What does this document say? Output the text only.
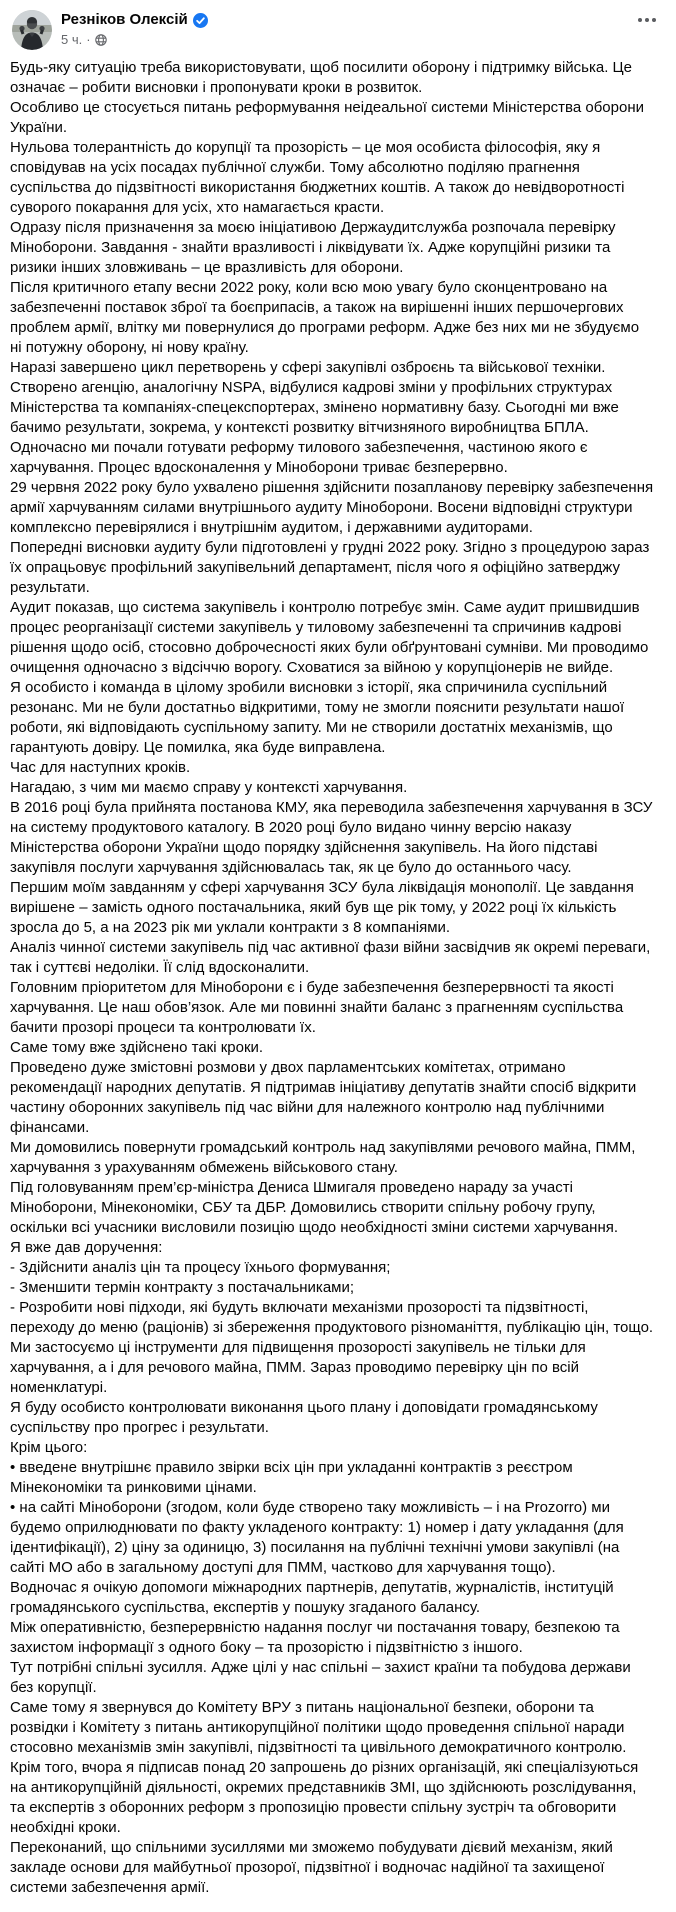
Резніков Олексій
5 ч. ·

Будь-яку ситуацію треба використовувати, щоб посилити оборону і підтримку війська. Це означає – робити висновки і пропонувати кроки в розвиток.

Особливо це стосується питань реформування неідеальної системи Міністерства оборони України.

Нульова толерантність до корупції та прозорість – це моя особиста філософія, яку я сповідував на усіх посадах публічної служби. Тому абсолютно поділяю прагнення суспільства до підзвітності використання бюджетних коштів. А також до невідворотності суворого покарання для усіх, хто намагається красти.

Одразу після призначення за моєю ініціативою Держаудитслужба розпочала перевірку Міноборони. Завдання - знайти вразливості і ліквідувати їх. Адже корупційні ризики та ризики інших зловживань – це вразливість для оборони.

Після критичного етапу весни 2022 року, коли всю мою увагу було сконцентровано на забезпеченні поставок зброї та боєприпасів, а також на вирішенні інших першочергових проблем армії, влітку ми повернулися до програми реформ. Адже без них ми не збудуємо ні потужну оборону, ні нову країну.

Наразі завершено цикл перетворень у сфері закупівлі озброєнь та військової техніки. Створено агенцію, аналогічну NSPA, відбулися кадрові зміни у профільних структурах Міністерства та компаніях-спецекспортерах, змінено нормативну базу. Сьогодні ми вже бачимо результати, зокрема, у контексті розвитку вітчизняного виробництва БПЛА.

Одночасно ми почали готувати реформу тилового забезпечення, частиною якого є харчування. Процес вдосконалення у Міноборони триває безперервно.

29 червня 2022 року було ухвалено рішення здійснити позапланову перевірку забезпечення армії харчуванням силами внутрішнього аудиту Міноборони. Восени відповідні структури комплексно перевірялися і внутрішнім аудитом, і державними аудиторами.

Попередні висновки аудиту були підготовлені у грудні 2022 року. Згідно з процедурою зараз їх опрацьовує профільний закупівельний департамент, після чого я офіційно затверджу результати.

Аудит показав, що система закупівель і контролю потребує змін. Саме аудит пришвидшив процес реорганізації системи закупівель у тиловому забезпеченні та спричинив кадрові рішення щодо осіб, стосовно доброчесності яких були обґрунтовані сумніви. Ми проводимо очищення одночасно з відсіччю ворогу. Сховатися за війною у корупціонерів не вийде.

Я особисто і команда в цілому зробили висновки з історії, яка спричинила суспільний резонанс. Ми не були достатньо відкритими, тому не змогли пояснити результати нашої роботи, які відповідають суспільному запиту. Ми не створили достатніх механізмів, що гарантують довіру. Це помилка, яка буде виправлена.

Час для наступних кроків.

Нагадаю, з чим ми маємо справу у контексті харчування.

В 2016 році була прийнята постанова КМУ, яка переводила забезпечення харчування в ЗСУ на систему продуктового каталогу. В 2020 році було видано чинну версію наказу Міністерства оборони України щодо порядку здійснення закупівель. На його підставі закупівля послуги харчування здійснювалась так, як це було до останнього часу.

Першим моїм завданням у сфері харчування ЗСУ була ліквідація монополії. Це завдання вирішене – замість одного постачальника, який був ще рік тому, у 2022 році їх кількість зросла до 5, а на 2023 рік ми уклали контракти з 8 компаніями.

Аналіз чинної системи закупівель під час активної фази війни засвідчив як окремі переваги, так і суттєві недоліки. Її слід вдосконалити.

Головним пріоритетом для Міноборони є і буде забезпечення безперервності та якості харчування. Це наш обов’язок. Але ми повинні знайти баланс з прагненням суспільства бачити прозорі процеси та контролювати їх.

Саме тому вже здійснено такі кроки.

Проведено дуже змістовні розмови у двох парламентських комітетах, отримано рекомендації народних депутатів. Я підтримав ініціативу депутатів знайти спосіб відкрити частину оборонних закупівель під час війни для належного контролю над публічними фінансами.

Ми домовились повернути громадський контроль над закупівлями речового майна, ПММ, харчування з урахуванням обмежень військового стану.

Під головуванням прем’єр-міністра Дениса Шмигаля проведено нараду за участі Міноборони, Мінекономіки, СБУ та ДБР. Домовились створити спільну робочу групу, оскільки всі учасники висловили позицію щодо необхідності зміни системи харчування.

Я вже дав доручення:

- Здійснити аналіз цін та процесу їхнього формування;

- Зменшити термін контракту з постачальниками;

- Розробити нові підходи, які будуть включати механізми прозорості та підзвітності, переходу до меню (раціонів) зі збереження продуктового різноманіття, публікацію цін, тощо.

Ми застосуємо ці інструменти для підвищення прозорості закупівель не тільки для харчування, а і для речового майна, ПММ. Зараз проводимо перевірку цін по всій номенклатурі.

Я буду особисто контролювати виконання цього плану і доповідати громадянському суспільству про прогрес і результати.

Крім цього:

• введене внутрішнє правило звірки всіх цін при укладанні контрактів з реєстром Мінекономіки та ринковими цінами.

• на сайті Міноборони (згодом, коли буде створено таку можливість – і на Prozorro) ми будемо оприлюднювати по факту укладеного контракту: 1) номер і дату укладання (для ідентифікації), 2) ціну за одиницю, 3) посилання на публічні технічні умови закупівлі (на сайті МО або в загальному доступі для ПММ, частково для харчування тощо).

Водночас я очікую допомоги міжнародних партнерів, депутатів, журналістів, інституцій громадянського суспільства, експертів у пошуку згаданого балансу.

Між оперативністю, безперервністю надання послуг чи постачання товару, безпекою та захистом інформації з одного боку – та прозорістю і підзвітністю з іншого.

Тут потрібні спільні зусилля. Адже цілі у нас спільні – захист країни та побудова держави без корупції.

Саме тому я звернувся до Комітету ВРУ з питань національної безпеки, оборони та розвідки і Комітету з питань антикорупційної політики щодо проведення спільної наради стосовно механізмів змін закупівлі, підзвітності та цивільного демократичного контролю.

Крім того, вчора я підписав понад 20 запрошень до різних організацій, які спеціалізуються на антикорупційній діяльності, окремих представників ЗМІ, що здійснюють розслідування, та експертів з оборонних реформ з пропозицію провести спільну зустріч та обговорити необхідні кроки.

Переконаний, що спільними зусиллями ми зможемо побудувати дієвий механізм, який закладе основи для майбутньої прозорої, підзвітної і водночас надійної та захищеної системи забезпечення армії.
